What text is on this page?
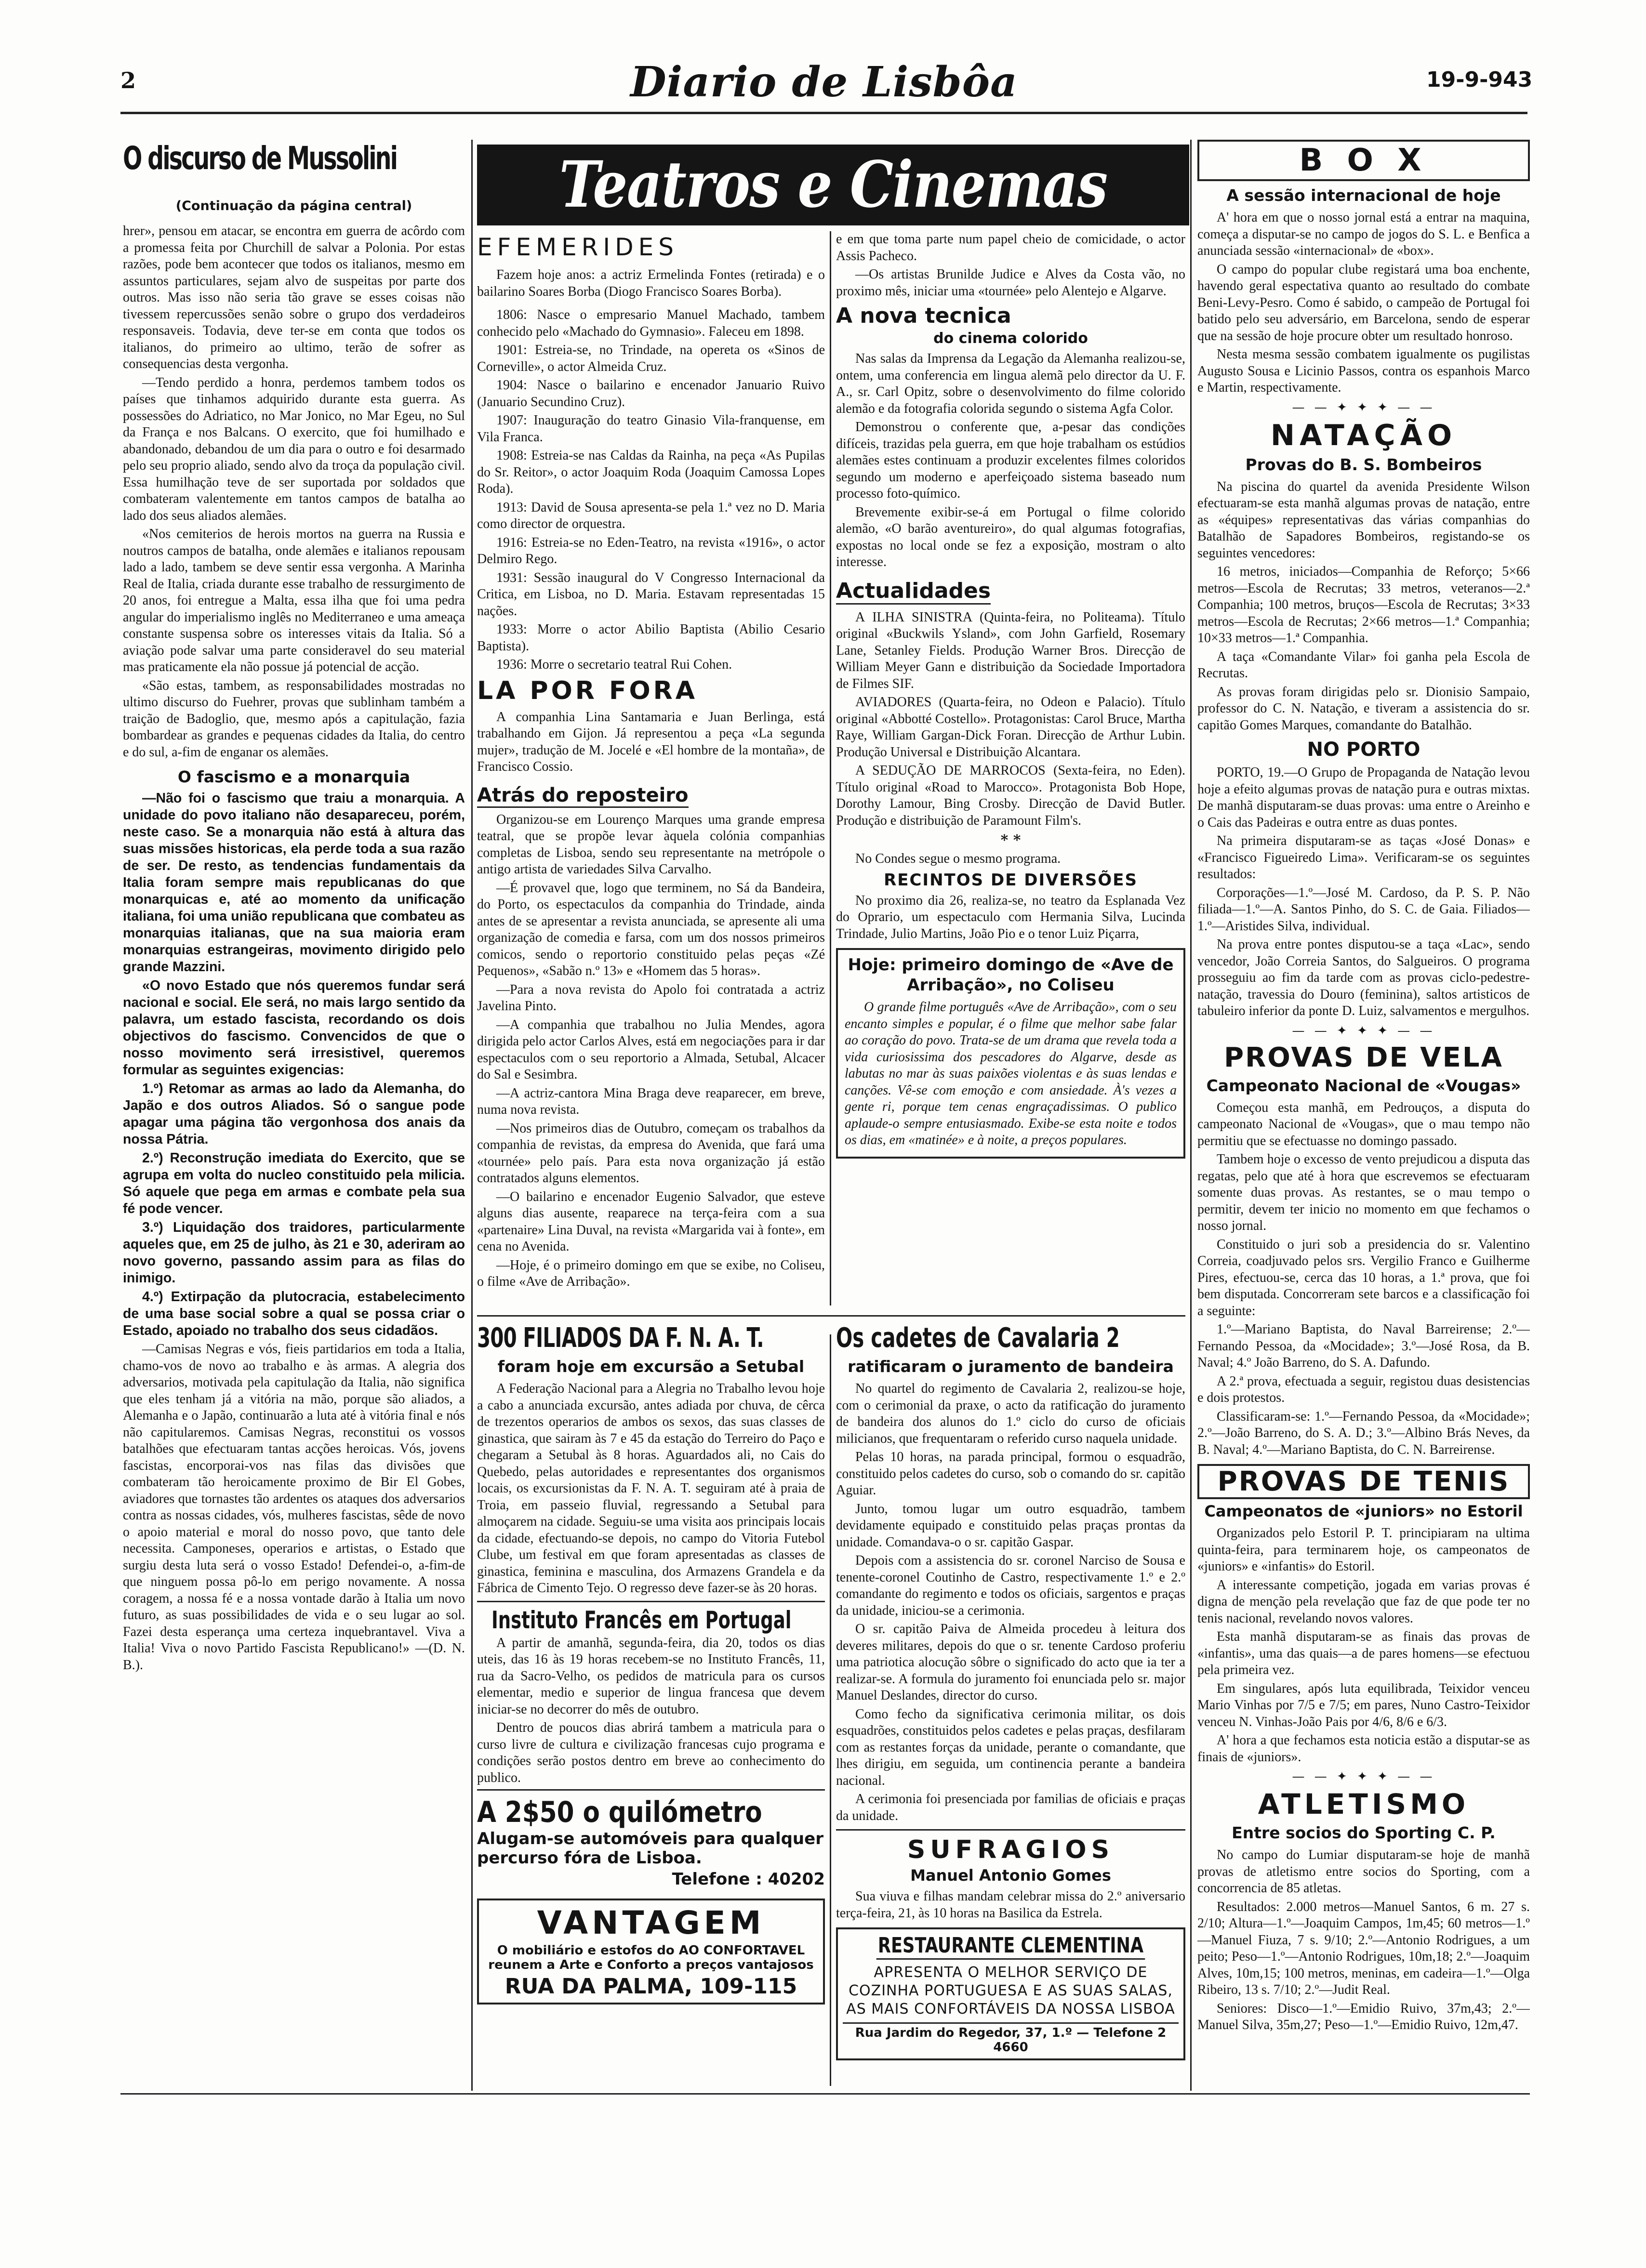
2	Diario de Lisbôa	19-9-943
O discurso de Mussolini
(Continuação da página central)

hrer», pensou em atacar, se encontra em guerra de acôrdo com a promessa feita por Churchill de salvar a Polonia. Por estas razões, pode bem acontecer que todos os italianos, mesmo em assuntos particulares, sejam alvo de suspeitas por parte dos outros. Mas isso não seria tão grave se esses coisas não tivessem repercussões senão sobre o grupo dos verdadeiros responsaveis. Todavia, deve ter-se em conta que todos os italianos, do primeiro ao ultimo, terão de sofrer as consequencias desta vergonha.

—Tendo perdido a honra, perdemos tambem todos os países que tinhamos adquirido durante esta guerra. As possessões do Adriatico, no Mar Jonico, no Mar Egeu, no Sul da França e nos Balcans. O exercito, que foi humilhado e abandonado, debandou de um dia para o outro e foi desarmado pelo seu proprio aliado, sendo alvo da troça da população civil. Essa humilhação teve de ser suportada por soldados que combateram valentemente em tantos campos de batalha ao lado dos seus aliados alemães.

«Nos cemiterios de herois mortos na guerra na Russia e noutros campos de batalha, onde alemães e italianos repousam lado a lado, tambem se deve sentir essa vergonha. A Marinha Real de Italia, criada durante esse trabalho de ressurgimento de 20 anos, foi entregue a Malta, essa ilha que foi uma pedra angular do imperialismo inglês no Mediterraneo e uma ameaça constante suspensa sobre os interesses vitais da Italia. Só a aviação pode salvar uma parte consideravel do seu material mas praticamente ela não possue já potencial de acção.

«São estas, tambem, as responsabilidades mostradas no ultimo discurso do Fuehrer, provas que sublinham também a traição de Badoglio, que, mesmo após a capitulação, fazia bombardear as grandes e pequenas cidades da Italia, do centro e do sul, a-fim de enganar os alemães.

O fascismo e a monarquia

—Não foi o fascismo que traiu a monarquia. A unidade do povo italiano não desapareceu, porém, neste caso. Se a monarquia não está à altura das suas missões historicas, ela perde toda a sua razão de ser. De resto, as tendencias fundamentais da Italia foram sempre mais republicanas do que monarquicas e, até ao momento da unificação italiana, foi uma união republicana que combateu as monarquias italianas, que na sua maioria eram monarquias estrangeiras, movimento dirigido pelo grande Mazzini.

«O novo Estado que nós queremos fundar será nacional e social. Ele será, no mais largo sentido da palavra, um estado fascista, recordando os dois objectivos do fascismo. Convencidos de que o nosso movimento será irresistivel, queremos formular as seguintes exigencias:

1.º) Retomar as armas ao lado da Alemanha, do Japão e dos outros Aliados. Só o sangue pode apagar uma página tão vergonhosa dos anais da nossa Pátria.

2.º) Reconstrução imediata do Exercito, que se agrupa em volta do nucleo constituido pela milicia. Só aquele que pega em armas e combate pela sua fé pode vencer.

3.º) Liquidação dos traidores, particularmente aqueles que, em 25 de julho, às 21 e 30, aderiram ao novo governo, passando assim para as filas do inimigo.

4.º) Extirpação da plutocracia, estabelecimento de uma base social sobre a qual se possa criar o Estado, apoiado no trabalho dos seus cidadãos.

—Camisas Negras e vós, fieis partidarios em toda a Italia, chamo-vos de novo ao trabalho e às armas. A alegria dos adversarios, motivada pela capitulação da Italia, não significa que eles tenham já a vitória na mão, porque são aliados, a Alemanha e o Japão, continuarão a luta até à vitória final e nós não capitularemos. Camisas Negras, reconstitui os vossos batalhões que efectuaram tantas acções heroicas. Vós, jovens fascistas, encorporai-vos nas filas das divisões que combateram tão heroicamente proximo de Bir El Gobes, aviadores que tornastes tão ardentes os ataques dos adversarios contra as nossas cidades, vós, mulheres fascistas, sêde de novo o apoio material e moral do nosso povo, que tanto dele necessita. Camponeses, operarios e artistas, o Estado que surgiu desta luta será o vosso Estado! Defendei-o, a-fim-de que ninguem possa pô-lo em perigo novamente. A nossa coragem, a nossa fé e a nossa vontade darão à Italia um novo futuro, as suas possibilidades de vida e o seu lugar ao sol. Fazei desta esperança uma certeza inquebrantavel. Viva a Italia! Viva o novo Partido Fascista Republicano!» —(D. N. B.).

Teatros e Cinemas
EFEMERIDES

Fazem hoje anos: a actriz Ermelinda Fontes (retirada) e o bailarino Soares Borba (Diogo Francisco Soares Borba).

1806: Nasce o empresario Manuel Machado, tambem conhecido pelo «Machado do Gymnasio». Faleceu em 1898.

1901: Estreia-se, no Trindade, na opereta os «Sinos de Corneville», o actor Almeida Cruz.

1904: Nasce o bailarino e encenador Januario Ruivo (Januario Secundino Cruz).

1907: Inauguração do teatro Ginasio Vila-franquense, em Vila Franca.

1908: Estreia-se nas Caldas da Rainha, na peça «As Pupilas do Sr. Reitor», o actor Joaquim Roda (Joaquim Camossa Lopes Roda).

1913: David de Sousa apresenta-se pela 1.ª vez no D. Maria como director de orquestra.

1916: Estreia-se no Eden-Teatro, na revista «1916», o actor Delmiro Rego.

1931: Sessão inaugural do V Congresso Internacional da Critica, em Lisboa, no D. Maria. Estavam representadas 15 nações.

1933: Morre o actor Abilio Baptista (Abilio Cesario Baptista).

1936: Morre o secretario teatral Rui Cohen.

LA POR FORA

A companhia Lina Santamaria e Juan Berlinga, está trabalhando em Gijon. Já representou a peça «La segunda mujer», tradução de M. Jocelé e «El hombre de la montaña», de Francisco Cossio.

Atrás do reposteiro

Organizou-se em Lourenço Marques uma grande empresa teatral, que se propõe levar àquela colónia companhias completas de Lisboa, sendo seu representante na metrópole o antigo artista de variedades Silva Carvalho.

—É provavel que, logo que terminem, no Sá da Bandeira, do Porto, os espectaculos da companhia do Trindade, ainda antes de se apresentar a revista anunciada, se apresente ali uma organização de comedia e farsa, com um dos nossos primeiros comicos, sendo o reportorio constituido pelas peças «Zé Pequenos», «Sabão n.º 13» e «Homem das 5 horas».

—Para a nova revista do Apolo foi contratada a actriz Javelina Pinto.

—A companhia que trabalhou no Julia Mendes, agora dirigida pelo actor Carlos Alves, está em negociações para ir dar espectaculos com o seu reportorio a Almada, Setubal, Alcacer do Sal e Sesimbra.

—A actriz-cantora Mina Braga deve reaparecer, em breve, numa nova revista.

—Nos primeiros dias de Outubro, começam os trabalhos da companhia de revistas, da empresa do Avenida, que fará uma «tournée» pelo país. Para esta nova organização já estão contratados alguns elementos.

—O bailarino e encenador Eugenio Salvador, que esteve alguns dias ausente, reaparece na terça-feira com a sua «partenaire» Lina Duval, na revista «Margarida vai à fonte», em cena no Avenida.

—Hoje, é o primeiro domingo em que se exibe, no Coliseu, o filme «Ave de Arribação».

e em que toma parte num papel cheio de comicidade, o actor Assis Pacheco.

—Os artistas Brunilde Judice e Alves da Costa vão, no proximo mês, iniciar uma «tournée» pelo Alentejo e Algarve.

A nova tecnica
do cinema colorido

Nas salas da Imprensa da Legação da Alemanha realizou-se, ontem, uma conferencia em lingua alemã pelo director da U. F. A., sr. Carl Opitz, sobre o desenvolvimento do filme colorido alemão e da fotografia colorida segundo o sistema Agfa Color.

Demonstrou o conferente que, a-pesar das condições difíceis, trazidas pela guerra, em que hoje trabalham os estúdios alemães estes continuam a produzir excelentes filmes coloridos segundo um moderno e aperfeiçoado sistema baseado num processo foto-químico.

Brevemente exibir-se-á em Portugal o filme colorido alemão, «O barão aventureiro», do qual algumas fotografias, expostas no local onde se fez a exposição, mostram o alto interesse.

Actualidades

A ILHA SINISTRA (Quinta-feira, no Politeama). Título original «Buckwils Ysland», com John Garfield, Rosemary Lane, Setanley Fields. Produção Warner Bros. Direcção de William Meyer Gann e distribuição da Sociedade Importadora de Filmes SIF.

AVIADORES (Quarta-feira, no Odeon e Palacio). Título original «Abbotté Costello». Protagonistas: Carol Bruce, Martha Raye, William Gargan-Dick Foran. Direcção de Arthur Lubin. Produção Universal e Distribuição Alcantara.

A SEDUÇÃO DE MARROCOS (Sexta-feira, no Eden). Título original «Road to Marocco». Protagonista Bob Hope, Dorothy Lamour, Bing Crosby. Direcção de David Butler. Produção e distribuição de Paramount Film's.

* *

No Condes segue o mesmo programa.

RECINTOS DE DIVERSÕES

No proximo dia 26, realiza-se, no teatro da Esplanada Vez do Oprario, um espectaculo com Hermania Silva, Lucinda Trindade, Julio Martins, João Pio e o tenor Luiz Piçarra,

Hoje: primeiro domingo de «Ave de Arribação», no Coliseu

O grande filme português «Ave de Arribação», com o seu encanto simples e popular, é o filme que melhor sabe falar ao coração do povo. Trata-se de um drama que revela toda a vida curiosissima dos pescadores do Algarve, desde as labutas no mar às suas paixões violentas e às suas lendas e canções. Vê-se com emoção e com ansiedade. À's vezes a gente ri, porque tem cenas engraçadissimas. O publico aplaude-o sempre entusiasmado. Exibe-se esta noite e todos os dias, em «matinée» e à noite, a preços populares.

300 FILIADOS DA F. N. A. T.
foram hoje em excursão a Setubal

A Federação Nacional para a Alegria no Trabalho levou hoje a cabo a anunciada excursão, antes adiada por chuva, de cêrca de trezentos operarios de ambos os sexos, das suas classes de ginastica, que sairam às 7 e 45 da estação do Terreiro do Paço e chegaram a Setubal às 8 horas. Aguardados ali, no Cais do Quebedo, pelas autoridades e representantes dos organismos locais, os excursionistas da F. N. A. T. seguiram até à praia de Troia, em passeio fluvial, regressando a Setubal para almoçarem na cidade. Seguiu-se uma visita aos principais locais da cidade, efectuando-se depois, no campo do Vitoria Futebol Clube, um festival em que foram apresentadas as classes de ginastica, feminina e masculina, dos Armazens Grandela e da Fábrica de Cimento Tejo. O regresso deve fazer-se às 20 horas.

Instituto Francês em Portugal

A partir de amanhã, segunda-feira, dia 20, todos os dias uteis, das 16 às 19 horas recebem-se no Instituto Francês, 11, rua da Sacro-Velho, os pedidos de matricula para os cursos elementar, medio e superior de lingua francesa que devem iniciar-se no decorrer do mês de outubro.

Dentro de poucos dias abrirá tambem a matricula para o curso livre de cultura e civilização francesas cujo programa e condições serão postos dentro em breve ao conhecimento do publico.

A 2$50 o quilómetro
Alugam-se automóveis para qualquer percurso fóra de Lisboa.
Telefone : 40202
VANTAGEM
O mobiliário e estofos do AO CONFORTAVEL reunem a Arte e Conforto a preços vantajosos
RUA DA PALMA, 109-115
Os cadetes de Cavalaria 2
ratificaram o juramento de bandeira

No quartel do regimento de Cavalaria 2, realizou-se hoje, com o cerimonial da praxe, o acto da ratificação do juramento de bandeira dos alunos do 1.º ciclo do curso de oficiais milicianos, que frequentaram o referido curso naquela unidade.

Pelas 10 horas, na parada principal, formou o esquadrão, constituido pelos cadetes do curso, sob o comando do sr. capitão Aguiar.

Junto, tomou lugar um outro esquadrão, tambem devidamente equipado e constituido pelas praças prontas da unidade. Comandava-o o sr. capitão Gaspar.

Depois com a assistencia do sr. coronel Narciso de Sousa e tenente-coronel Coutinho de Castro, respectivamente 1.º e 2.º comandante do regimento e todos os oficiais, sargentos e praças da unidade, iniciou-se a cerimonia.

O sr. capitão Paiva de Almeida procedeu à leitura dos deveres militares, depois do que o sr. tenente Cardoso proferiu uma patriotica alocução sôbre o significado do acto que ia ter a realizar-se. A formula do juramento foi enunciada pelo sr. major Manuel Deslandes, director do curso.

Como fecho da significativa cerimonia militar, os dois esquadrões, constituidos pelos cadetes e pelas praças, desfilaram com as restantes forças da unidade, perante o comandante, que lhes dirigiu, em seguida, um continencia perante a bandeira nacional.

A cerimonia foi presenciada por familias de oficiais e praças da unidade.

SUFRAGIOS
Manuel Antonio Gomes

Sua viuva e filhas mandam celebrar missa do 2.º aniversario terça-feira, 21, às 10 horas na Basilica da Estrela.

RESTAURANTE CLEMENTINA
APRESENTA O MELHOR SERVIÇO DE COZINHA PORTUGUESA E AS SUAS SALAS, AS MAIS CONFORTÁVEIS DA NOSSA LISBOA
Rua Jardim do Regedor, 37, 1.º — Telefone 2 4660
B O X
A sessão internacional de hoje

A' hora em que o nosso jornal está a entrar na maquina, começa a disputar-se no campo de jogos do S. L. e Benfica a anunciada sessão «internacional» de «box».

O campo do popular clube registará uma boa enchente, havendo geral espectativa quanto ao resultado do combate Beni-Levy-Pesro. Como é sabido, o campeão de Portugal foi batido pelo seu adversário, em Barcelona, sendo de esperar que na sessão de hoje procure obter um resultado honroso.

Nesta mesma sessão combatem igualmente os pugilistas Augusto Sousa e Licinio Passos, contra os espanhois Marco e Martin, respectivamente.

— — ✦ ✦ ✦ — —
NATAÇÃO
Provas do B. S. Bombeiros

Na piscina do quartel da avenida Presidente Wilson efectuaram-se esta manhã algumas provas de natação, entre as «équipes» representativas das várias companhias do Batalhão de Sapadores Bombeiros, registando-se os seguintes vencedores:

16 metros, iniciados—Companhia de Reforço; 5×66 metros—Escola de Recrutas; 33 metros, veteranos—2.ª Companhia; 100 metros, bruços—Escola de Recrutas; 3×33 metros—Escola de Recrutas; 2×66 metros—1.ª Companhia; 10×33 metros—1.ª Companhia.

A taça «Comandante Vilar» foi ganha pela Escola de Recrutas.

As provas foram dirigidas pelo sr. Dionisio Sampaio, professor do C. N. Natação, e tiveram a assistencia do sr. capitão Gomes Marques, comandante do Batalhão.

NO PORTO

PORTO, 19.—O Grupo de Propaganda de Natação levou hoje a efeito algumas provas de natação pura e outras mixtas. De manhã disputaram-se duas provas: uma entre o Areinho e o Cais das Padeiras e outra entre as duas pontes.

Na primeira disputaram-se as taças «José Donas» e «Francisco Figueiredo Lima». Verificaram-se os seguintes resultados:

Corporações—1.º—José M. Cardoso, da P. S. P. Não filiada—1.º—A. Santos Pinho, do S. C. de Gaia. Filiados—1.º—Aristides Silva, individual.

Na prova entre pontes disputou-se a taça «Lac», sendo vencedor, João Correia Santos, do Salgueiros. O programa prosseguiu ao fim da tarde com as provas ciclo-pedestre-natação, travessia do Douro (feminina), saltos artisticos de tabuleiro inferior da ponte D. Luiz, salvamentos e mergulhos.

— — ✦ ✦ ✦ — —
PROVAS DE VELA
Campeonato Nacional de «Vougas»

Começou esta manhã, em Pedrouços, a disputa do campeonato Nacional de «Vougas», que o mau tempo não permitiu que se efectuasse no domingo passado.

Tambem hoje o excesso de vento prejudicou a disputa das regatas, pelo que até à hora que escrevemos se efectuaram somente duas provas. As restantes, se o mau tempo o permitir, devem ter inicio no momento em que fechamos o nosso jornal.

Constituido o juri sob a presidencia do sr. Valentino Correia, coadjuvado pelos srs. Vergilio Franco e Guilherme Pires, efectuou-se, cerca das 10 horas, a 1.ª prova, que foi bem disputada. Concorreram sete barcos e a classificação foi a seguinte:

1.º—Mariano Baptista, do Naval Barreirense; 2.º—Fernando Pessoa, da «Mocidade»; 3.º—José Rosa, da B. Naval; 4.º João Barreno, do S. A. Dafundo.

A 2.ª prova, efectuada a seguir, registou duas desistencias e dois protestos.

Classificaram-se: 1.º—Fernando Pessoa, da «Mocidade»; 2.º—João Barreno, do S. A. D.; 3.º—Albino Brás Neves, da B. Naval; 4.º—Mariano Baptista, do C. N. Barreirense.

PROVAS DE TENIS
Campeonatos de «juniors» no Estoril

Organizados pelo Estoril P. T. principiaram na ultima quinta-feira, para terminarem hoje, os campeonatos de «juniors» e «infantis» do Estoril.

A interessante competição, jogada em varias provas é digna de menção pela revelação que faz de que pode ter no tenis nacional, revelando novos valores.

Esta manhã disputaram-se as finais das provas de «infantis», uma das quais—a de pares homens—se efectuou pela primeira vez.

Em singulares, após luta equilibrada, Teixidor venceu Mario Vinhas por 7/5 e 7/5; em pares, Nuno Castro-Teixidor venceu N. Vinhas-João Pais por 4/6, 8/6 e 6/3.

A' hora a que fechamos esta noticia estão a disputar-se as finais de «juniors».

— — ✦ ✦ ✦ — —
ATLETISMO
Entre socios do Sporting C. P.

No campo do Lumiar disputaram-se hoje de manhã provas de atletismo entre socios do Sporting, com a concorrencia de 85 atletas.

Resultados: 2.000 metros—Manuel Santos, 6 m. 27 s. 2/10; Altura—1.º—Joaquim Campos, 1m,45; 60 metros—1.º—Manuel Fiuza, 7 s. 9/10; 2.º—Antonio Rodrigues, a um peito; Peso—1.º—Antonio Rodrigues, 10m,18; 2.º—Joaquim Alves, 10m,15; 100 metros, meninas, em cadeira—1.º—Olga Ribeiro, 13 s. 7/10; 2.º—Judit Real.

Seniores: Disco—1.º—Emidio Ruivo, 37m,43; 2.º—Manuel Silva, 35m,27; Peso—1.º—Emidio Ruivo, 12m,47.
